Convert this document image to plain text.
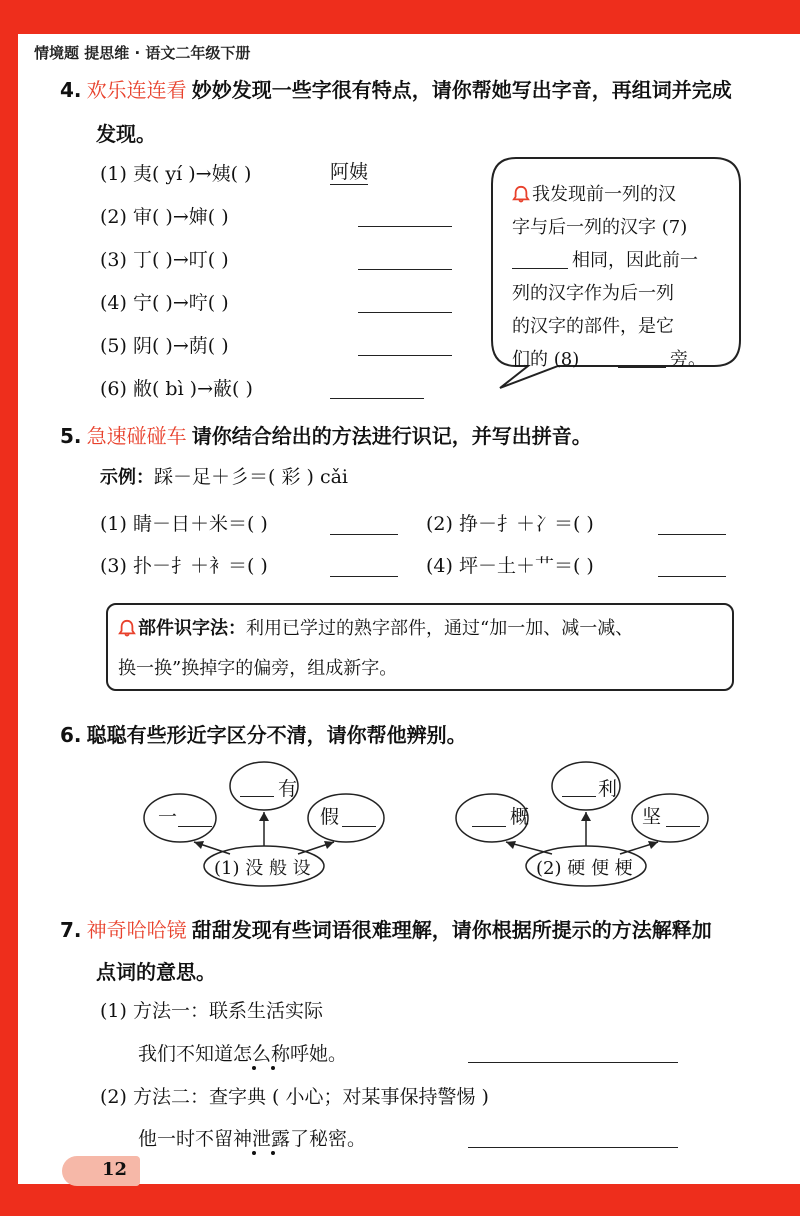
情境题 提思维 · 语文二年级下册
4. 欢乐连连看 妙妙发现一些字很有特点，请你帮她写出字音，再组词并完成
发现。
(1) 夷( yí )→姨( )	阿姨
(2) 审( )→婶( )
(3) 丁( )→叮( )
(4) 宁( )→咛( )
(5) 阴( )→荫( )
(6) 敝( bì )→蔽( )
我发现前一列的汉
字与后一列的汉字 (7)
相同，因此前一
列的汉字作为后一列
的汉字的部件，是它
们的 (8)	旁。
5. 急速碰碰车 请你结合给出的方法进行识记，并写出拼音。
示例：踩－足＋彡＝( 彩 ) cǎi
(1) 睛－日＋米＝( )	(2) 挣－扌＋冫＝( )
(3) 扑－扌＋衤＝( )	(4) 坪－土＋艹＝( )
部件识字法：利用已学过的熟字部件，通过“加一加、减一减、
换一换”换掉字的偏旁，组成新字。
6. 聪聪有些形近字区分不清，请你帮他辨别。
一
有
假
(1) 没 般 设
概
利
坚
(2) 硬 便 梗
7. 神奇哈哈镜 甜甜发现有些词语很难理解，请你根据所提示的方法解释加
点词的意思。
(1) 方法一：联系生活实际
我们不知道怎么称呼她。
(2) 方法二：查字典 ( 小心；对某事保持警惕 )
他一时不留神泄露了秘密。
12
